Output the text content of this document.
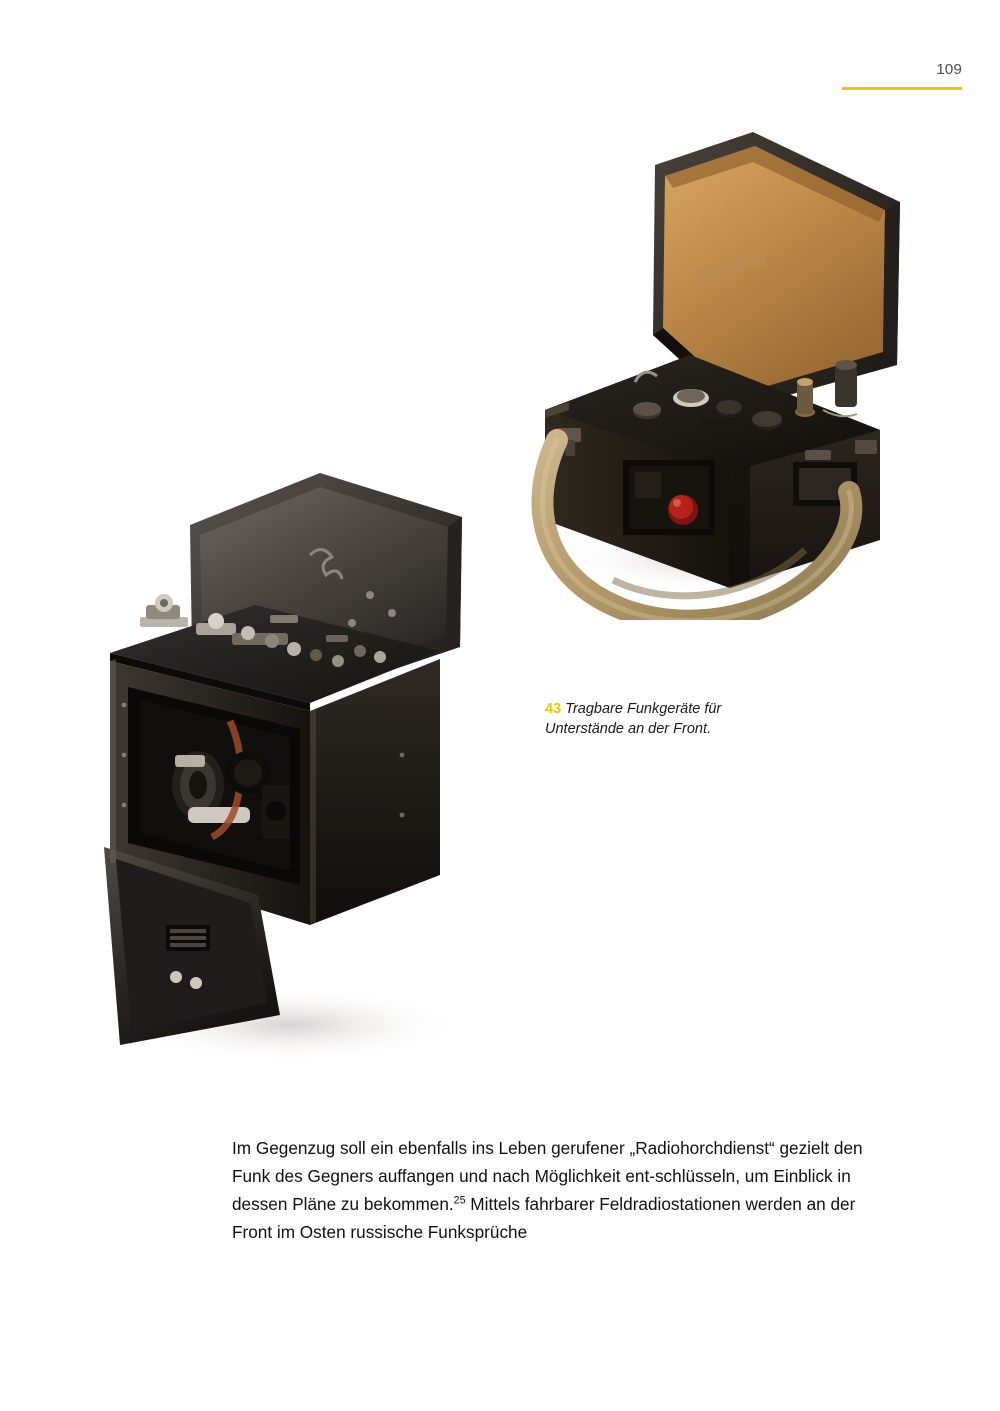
109
43 Tragbare Funkgeräte für Unterstände an der Front.

Im Gegenzug soll ein ebenfalls ins Leben gerufener „Radiohorchdienst“ gezielt den Funk des Gegners auffangen und nach Möglichkeit ent-schlüsseln, um Einblick in dessen Pläne zu bekommen.$^{25}$ Mittels fahrbarer Feldradiostationen werden an der Front im Osten russische Funksprüche
